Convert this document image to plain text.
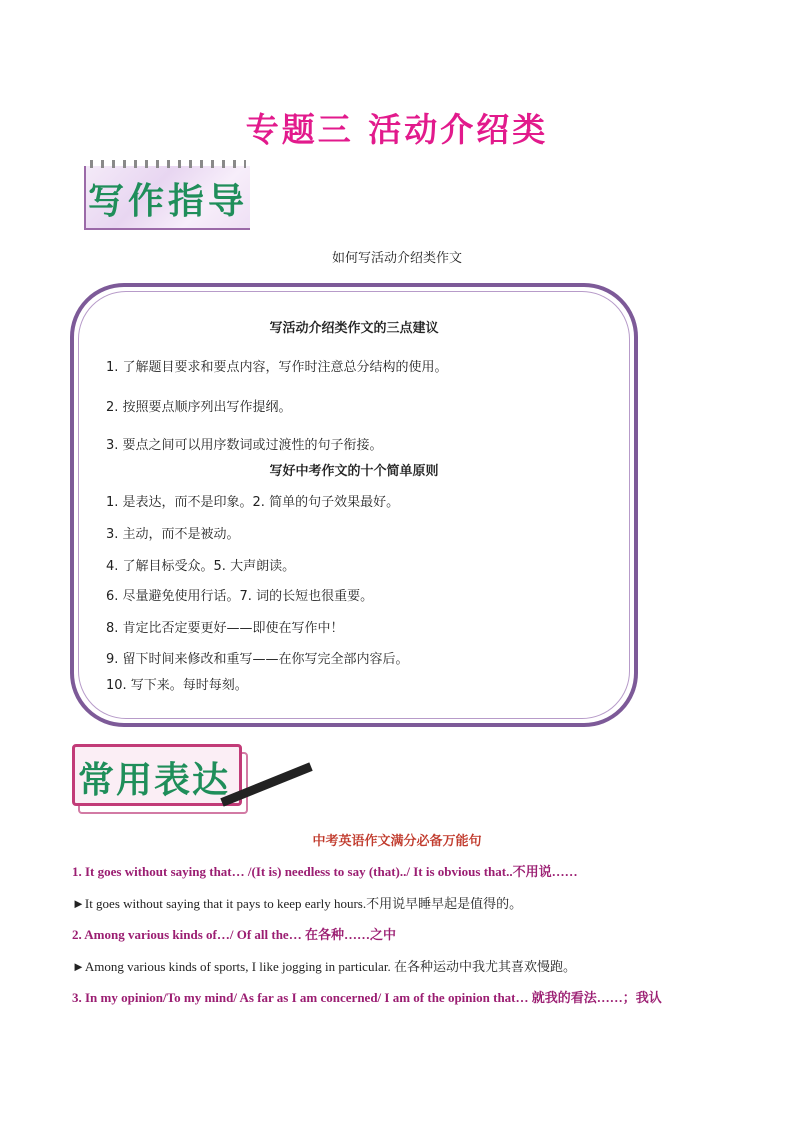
专题三 活动介绍类
写作指导
如何写活动介绍类作文
写活动介绍类作文的三点建议
1. 了解题目要求和要点内容，写作时注意总分结构的使用。
2. 按照要点顺序列出写作提纲。
3. 要点之间可以用序数词或过渡性的句子衔接。
写好中考作文的十个简单原则
1. 是表达，而不是印象。2. 简单的句子效果最好。
3. 主动，而不是被动。
4. 了解目标受众。5. 大声朗读。
6. 尽量避免使用行话。7. 词的长短也很重要。
8. 肯定比否定要更好——即使在写作中！
9. 留下时间来修改和重写——在你写完全部内容后。
10. 写下来。每时每刻。
常用表达
中考英语作文满分必备万能句
1. It goes without saying that… /(It is) needless to say (that)../ It is obvious that..不用说……
►It goes without saying that it pays to keep early hours.不用说早睡早起是值得的。
2. Among various kinds of…/ Of all the… 在各种……之中
►Among various kinds of sports, I like jogging in particular. 在各种运动中我尤其喜欢慢跑。
3. In my opinion/To my mind/ As far as I am concerned/ I am of the opinion that… 就我的看法……；我认
